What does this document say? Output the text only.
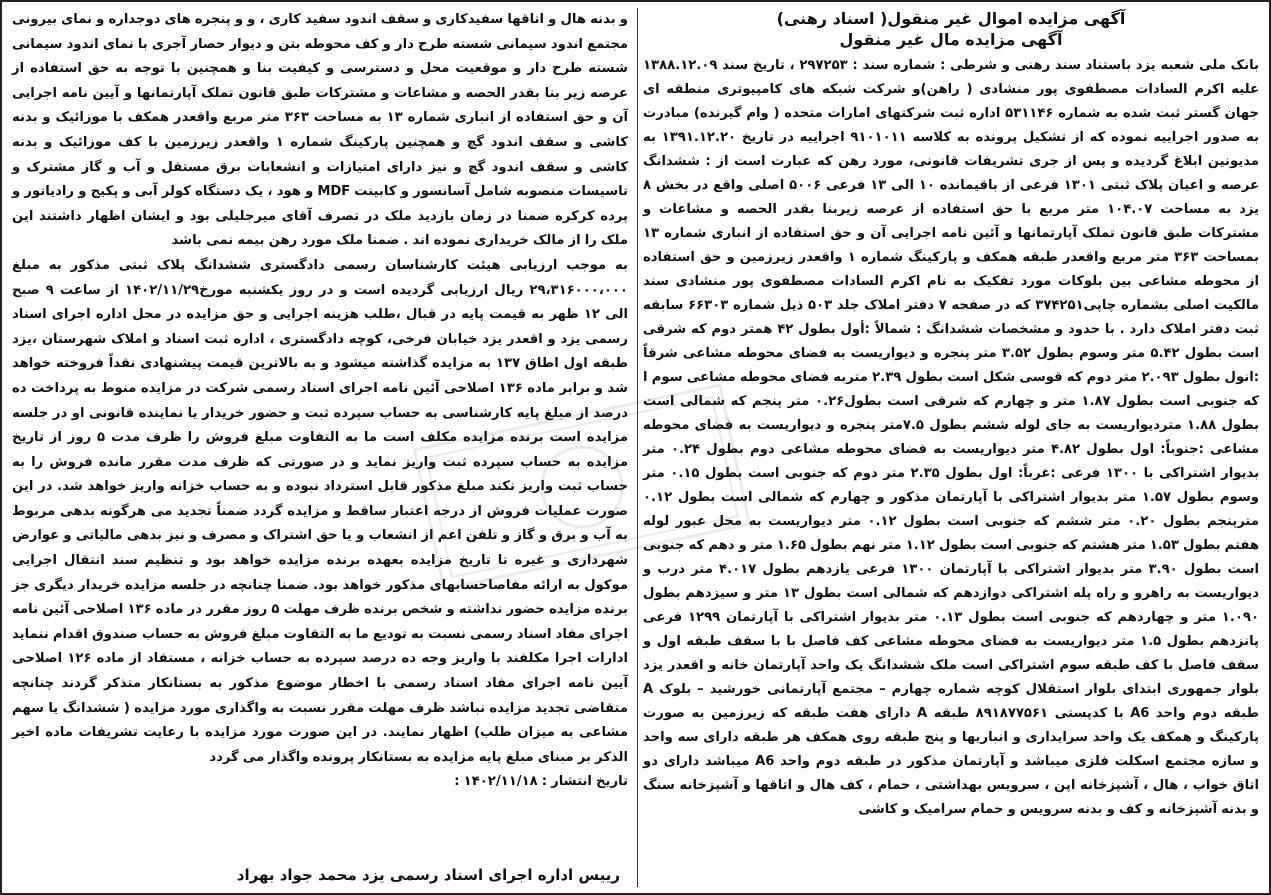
آگهی مزایده اموال غیر منقول( اسناد رهنی)

آگهی مزایده مال غیر منقول

بانک ملی شعبه یزد باستناد سند رهنی و شرطی : شماره سند : ۲۹۷۲۵۳ ، تاریخ سند ۱۳۸۸.۱۲.۰۹ علیه اکرم السادات مصطفوی پور منشادی ( راهن)و شرکت شبکه های کامپیوتری منطقه ای جهان گستر ثبت شده به شماره ۵۳۱۱۴۶ اداره ثبت شرکتهای امارات متحده ( وام گیرنده) مبادرت به صدور اجراییه نموده که از تشکیل پرونده به کلاسه ۹۱۰۱۰۱۱ اجراییه در تاریخ ۱۳۹۱.۱۲.۲۰ به مدیونین ابلاغ گردیده و پس از جری تشریفات قانونی، مورد رهن که عبارت است از : ششدانگ عرصه و اعیان پلاک ثبتی ۱۳۰۱ فرعی از باقیمانده ۱۰ الی ۱۳ فرعی ۵۰۰۶ اصلی واقع در بخش ۸ یزد به مساحت ۱۰۴.۰۷ متر مربع با حق استفاده از عرصه زیربنا بقدر الحصه و مشاعات و مشترکات طبق قانون تملک آپارتمانها و آئین نامه اجرایی آن و حق استفاده از انباری شماره ۱۳ بمساحت ۳۶۳ متر مربع واقعدر طبقه همکف و پارکینگ شماره ۱ واقعدر زیرزمین و حق استفاده از محوطه مشاعی بین بلوکات مورد تفکیک به نام اکرم السادات مصطفوی پور منشادی سند مالکیت اصلی بشماره چاپی۳۷۴۲۵۱ که در صفحه ۷ دفتر املاک جلد ۵۰۳ ذیل شماره ۶۶۳۰۳ سابقه ثبت دفتر املاک دارد . با حدود و مشخصات ششدانگ : شمالاً :أول بطول ۴۲ همتر دوم که شرقی است بطول ۵.۴۲ متر وسوم بطول ۳.۵۲ متر پنجره و دیواریست به فضای محوطه مشاعی شرقاً :انول بطول ۲.۰۹۳ متر دوم که قوسی شکل است بطول ۲.۳۹ متربه فضای محوطه مشاعی سوم ا که جنوبی است بطول ۱.۸۷ متر و چهارم که شرقی است بطول۰.۲۶ متر پنجم که شمالی است بطول ۱.۸۸ متردیواریست به جای لوله ششم بطول ۷.۵متر پنجره و دیواریست به فضای محوطه مشاعی :جنوباً: اول بطول ۴.۸۲ متر دیواریست به فضای محوطه مشاعی دوم بطول ۰.۲۴ متر بدیوار اشتراکی با ۱۳۰۰ فرعی :غرباً: اول بطول ۲.۳۵ متر دوم که جنوبی است بطول ۰.۱۵ متر وسوم بطول ۱.۵۷ متر بدیوار اشتراکی با آپارتمان مذکور و چهارم که شمالی است بطول ۰.۱۲ مترپنجم بطول ۰.۲۰ متر ششم که جنوبی است بطول ۰.۱۲ متر دیواریست به محل عبور لوله هفتم بطول ۱.۵۳ متر هشتم که جنوبی است بطول ۱.۱۲ متر نهم بطول ۱.۶۵ متر و دهم که جنوبی است بطول ۳.۹۰ متر بدیوار اشتراکی با آپارتمان ۱۳۰۰ فرعی یازدهم بطول ۴.۰۱۷ متر درب و دیواریست به راهرو و راه پله اشتراکی دوازدهم که شمالی است بطول ۱۳ متر و سیزدهم بطول ۱.۰۹۰ متر و چهاردهم که جنوبی است بطول ۰.۱۳ متر بدیوار اشتراکی با آپارتمان ۱۲۹۹ فرعی پانزدهم بطول ۱.۵ متر دیواریست به فضای محوطه مشاعی کف فاصل با با سقف طبقه اول و سقف فاصل با کف طبقه سوم اشتراکی است ملک ششدانگ یک واحد آپارتمان خانه و اقعدر یزد بلوار جمهوری ابتدای بلوار استقلال کوچه شماره چهارم – مجتمع آپارتمانی خورشید – بلوک A طبقه دوم واحد A6 با کدپستی ۸۹۱۸۷۷۵۶۱ طبقه A دارای هفت طبقه که زیرزمین به صورت پارکینگ و همکف یک واحد سرایداری و انباریها و پنج طبقه روی همکف هر طبقه دارای سه واحد و سازه مجتمع اسکلت فلزی میباشد و آپارتمان مذکور در طبقه دوم واحد A6 میباشد دارای دو اتاق خواب ، هال ، آشپزخانه اپن ، سرویس بهداشتی ، حمام ، کف هال و اتاقها و آشپزخانه سنگ و بدنه آشپزخانه و کف و بدنه سرویس و حمام سرامیک و کاشی

و بدنه هال و اتاقها سفیدکاری و سقف اندود سفید کاری ، و و پنجره های دوجداره و نمای بیرونی مجتمع اندود سیمانی شسته طرح دار و کف محوطه بتن و دیوار حصار آجری با نمای اندود سیمانی شسته طرح دار و موقعیت محل و دسترسی و کیفیت بنا و همچنین با توجه به حق استفاده از عرصه زیر بنا بقدر الحصه و مشاعات و مشترکات طبق قانون تملک آپارتمانها و آیین نامه اجرایی آن و حق استفاده از انباری شماره ۱۳ به مساحت ۳۶۳ متر مربع واقعدر همکف با موزائیک و بدنه کاشی و سقف اندود گچ و همچنین پارکینگ شماره ۱ واقعدر زیرزمین با کف موزائیک و بدنه کاشی و سقف اندود گچ و نیز دارای امتیازات و انشعابات برق مستقل و آب و گاز مشترک و تاسیسات منصوبه شامل آسانسور و کابینت MDF و هود ، یک دستگاه کولر آبی و پکیج و رادیاتور و پرده کرکره ضمنا در زمان بازدید ملک در تصرف آقای میرجلیلی بود و ایشان اظهار داشتند این ملک را از مالک خریداری نموده اند . ضمنا ملک مورد رهن بیمه نمی باشد

به موجب ارزیابی هیئت کارشناسان رسمی دادگستری ششدانگ پلاک ثبتی مذکور به مبلغ ۲۹،۳۱۶۰۰۰،۰۰۰ ریال ارزیابی گردیده است و در روز یکشنبه مورخ۱۴۰۲/۱۱/۲۹ از ساعت ۹ صبح الی ۱۲ ظهر به قیمت پایه در قبال ،طلب هزینه اجرایی و حق مزایده در محل اداره اجرای اسناد رسمی یزد و اقعدر یزد خیابان فرخی، کوچه دادگستری ، اداره ثبت اسناد و املاک شهرستان ،یزد طبقه اول اطاق ۱۳۷ به مزایده گذاشته میشود و به بالاترین قیمت پیشنهادی نقداً فروخته خواهد شد و برابر ماده ۱۳۶ اصلاحی آئین نامه اجرای اسناد رسمی شرکت در مزایده منوط به پرداخت ده درصد از مبلغ پایه کارشناسی به حساب سپرده ثبت و حضور خریدار یا نماینده قانونی او در جلسه مزایده است برنده مزایده مکلف است ما به التفاوت مبلغ فروش را ظرف مدت ۵ روز از تاریخ مزایده به حساب سپرده ثبت واریز نماید و در صورتی که ظرف مدت مقرر مانده فروش را به حساب ثبت واریز نکند مبلغ مذکور قابل استرداد نبوده و به حساب خزانه واریز خواهد شد. در این صورت عملیات فروش از درجه اعتبار ساقط و مزایده گردد ضمناً تجدید می هرگونه بدهی مربوط به آب و برق و گاز و تلفن اعم از انشعاب و یا حق اشتراک و مصرف و نیز بدهی مالیاتی و عوارض شهرداری و غیره تا تاریخ مزایده بعهده برنده مزایده خواهد بود و تنظیم سند انتقال اجرایی موکول به ارائه مفاصاحسابهای مذکور خواهد بود. ضمنا چنانچه در جلسه مزایده خریدار دیگری جز برنده مزایده حضور نداشته و شخص برنده ظرف مهلت ۵ روز مقرر در ماده ۱۳۶ اصلاحی آئین نامه اجرای مفاد اسناد رسمی نسبت به تودیع ما به التفاوت مبلغ فروش به حساب صندوق اقدام ننماید ادارات اجرا مکلفند با واریز وجه ده درصد سپرده به حساب خزانه ، مستفاد از ماده ۱۲۶ اصلاحی آیین نامه اجرای مفاد اسناد رسمی با اخطار موضوع مذکور به بستانکار متذکر گردند چنانچه متقاضی تجدید مزایده نباشد ظرف مهلت مقرر نسبت به واگذاری مورد مزایده ( ششدانگ یا سهم مشاعی به میزان طلب) اظهار نمایند. در این صورت مورد مزایده با رعایت تشریفات ماده اخیر الذکر بر مبنای مبلغ پایه مزایده به بستانکار پرونده واگذار می گردد

تاریخ انتشار : ۱۴۰۲/۱۱/۱۸ :

رییس اداره اجرای اسناد رسمی یزد محمد جواد بهراد
